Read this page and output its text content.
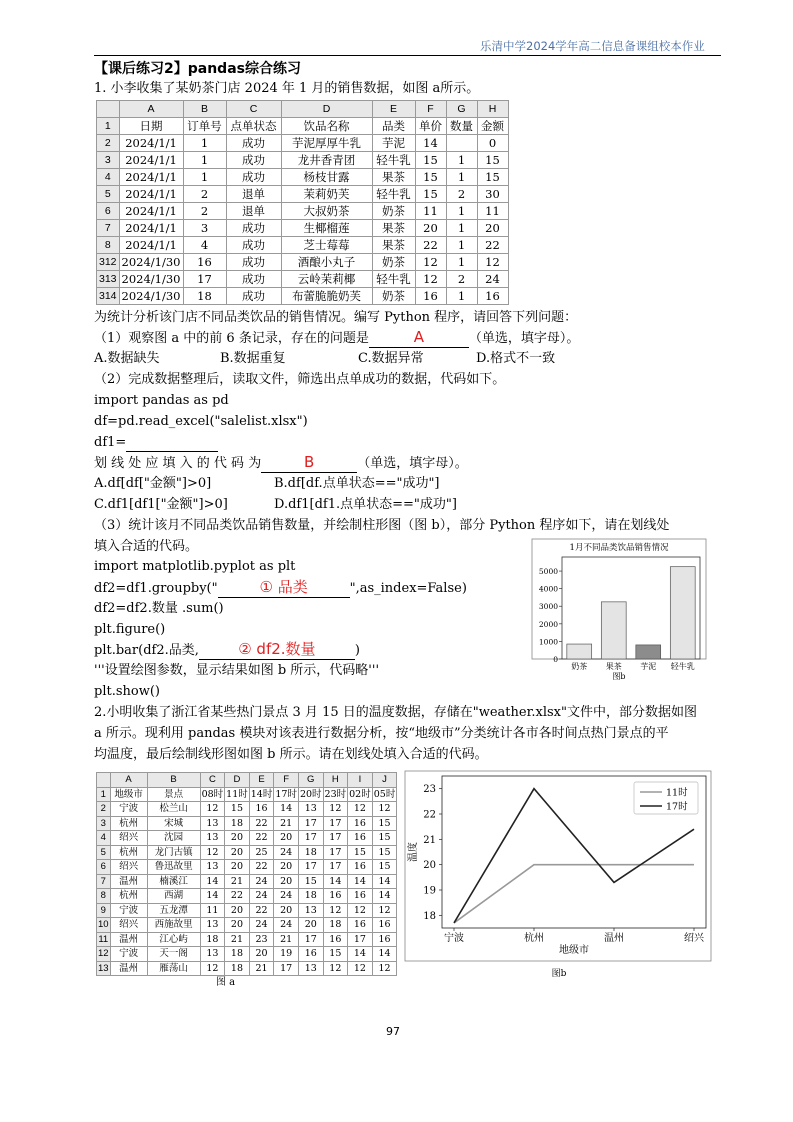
乐清中学2024学年高二信息备课组校本作业
【课后练习2】pandas综合练习
1. 小李收集了某奶茶门店 2024 年 1 月的销售数据，如图 a所示。
	A	B	C	D	E	F	G	H
1	日期	订单号	点单状态	饮品名称	品类	单价	数量	金额
2	2024/1/1	1	成功	芋泥厚厚牛乳	芋泥	14		0
3	2024/1/1	1	成功	龙井香青团	轻牛乳	15	1	15
4	2024/1/1	1	成功	杨枝甘露	果茶	15	1	15
5	2024/1/1	2	退单	茉莉奶芙	轻牛乳	15	2	30
6	2024/1/1	2	退单	大叔奶茶	奶茶	11	1	11
7	2024/1/1	3	成功	生椰榴莲	果茶	20	1	20
8	2024/1/1	4	成功	芝士莓莓	果茶	22	1	22
312	2024/1/30	16	成功	酒酿小丸子	奶茶	12	1	12
313	2024/1/30	17	成功	云岭茉莉椰	轻牛乳	12	2	24
314	2024/1/30	18	成功	布蕾脆脆奶芙	奶茶	16	1	16
为统计分析该门店不同品类饮品的销售情况。编写 Python 程序，请回答下列问题：
（1）观察图 a 中的前 6 条记录，存在的问题是	A	（单选，填字母）。
A.数据缺失	B.数据重复	C.数据异常	D.格式不一致
（2）完成数据整理后，读取文件，筛选出点单成功的数据，代码如下。
import pandas as pd
df=pd.read_excel("salelist.xlsx")
df1=
划 线 处 应 填 入 的 代 码 为	B	（单选，填字母）。
A.df[df["金额"]>0]	B.df[df.点单状态=="成功"]
C.df1[df1["金额"]>0]	D.df1[df1.点单状态=="成功"]
（3）统计该月不同品类饮品销售数量，并绘制柱形图（图 b），部分 Python 程序如下，请在划线处
填入合适的代码。
import matplotlib.pyplot as plt
df2=df1.groupby("	① 品类	",as_index=False)
df2=df2.数量 .sum()
plt.figure()
plt.bar(df2.品类,	② df2.数量	)
'''设置绘图参数，显示结果如图 b 所示，代码略'''
plt.show()
1月不同品类饮品销售情况
0
1000
2000
3000
4000
5000
奶茶 果茶 芋泥 轻牛乳
图b
2.小明收集了浙江省某些热门景点 3 月 15 日的温度数据，存储在"weather.xlsx"文件中，部分数据如图
a 所示。现利用 pandas 模块对该表进行数据分析，按“地级市”分类统计各市各时间点热门景点的平
均温度，最后绘制线形图如图 b 所示。请在划线处填入合适的代码。
	A	B	C	D	E	F	G	H	I	J
1	地级市	景点	08时	11时	14时	17时	20时	23时	02时	05时
2	宁波	松兰山	12	15	16	14	13	12	12	12
3	杭州	宋城	13	18	22	21	17	17	16	15
4	绍兴	沈园	13	20	22	20	17	17	16	15
5	杭州	龙门古镇	12	20	25	24	18	17	15	15
6	绍兴	鲁迅故里	13	20	22	20	17	17	16	15
7	温州	楠溪江	14	21	24	20	15	14	14	14
8	杭州	西湖	14	22	24	24	18	16	16	14
9	宁波	五龙潭	11	20	22	20	13	12	12	12
10	绍兴	西施故里	13	20	24	24	20	18	16	16
11	温州	江心屿	18	21	23	21	17	16	17	16
12	宁波	天一阁	13	18	20	19	16	15	14	14
13	温州	雁荡山	12	18	21	17	13	12	12	12
图 a
18
19
20
21
22
23
宁波	杭州	温州	绍兴
地级市
温度
11时
17时
图b
97
